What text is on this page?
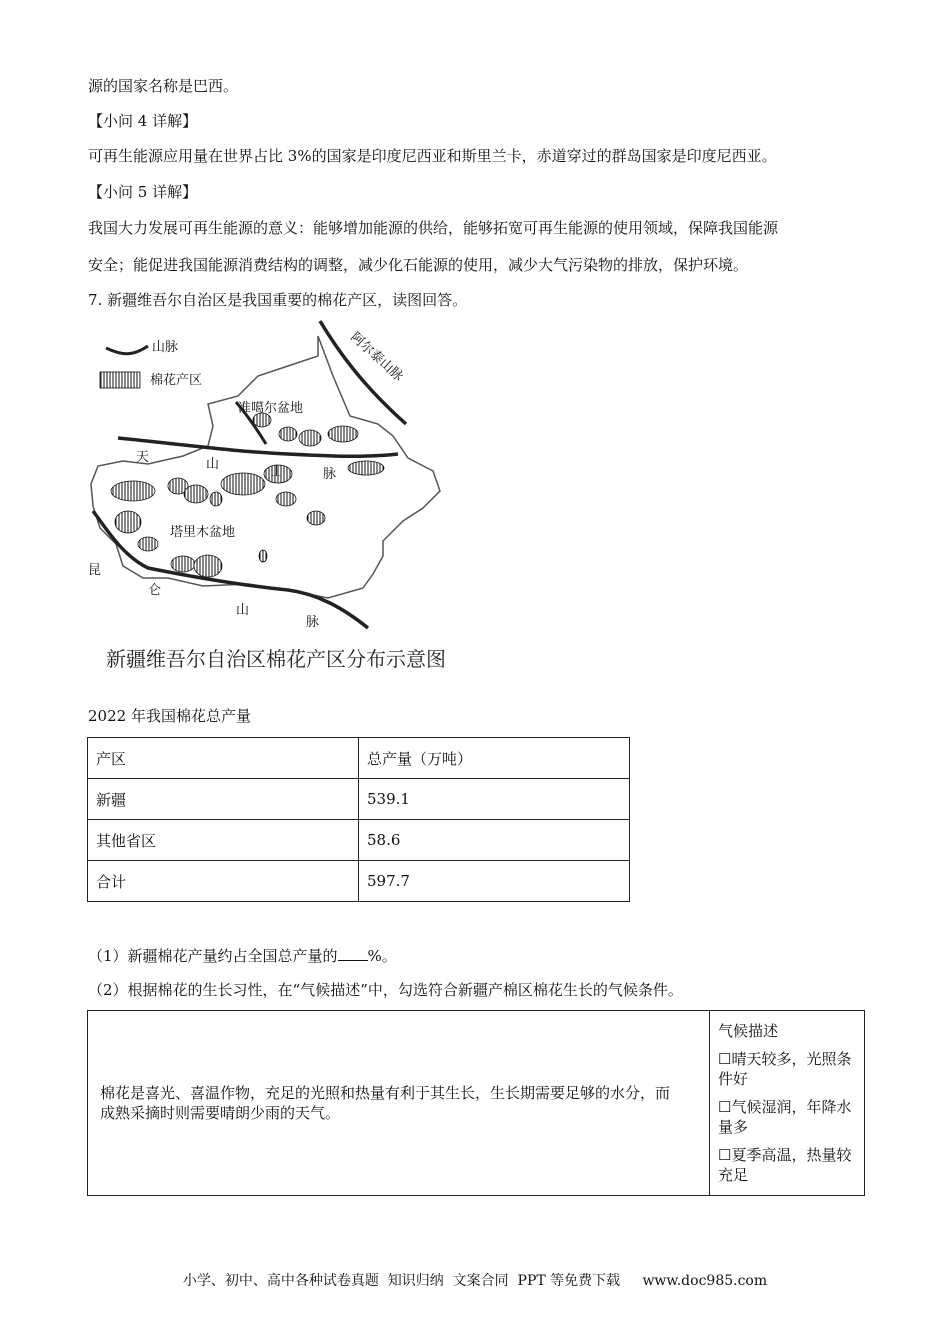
源的国家名称是巴西。
【小问 4 详解】
可再生能源应用量在世界占比 3%的国家是印度尼西亚和斯里兰卡，赤道穿过的群岛国家是印度尼西亚。
【小问 5 详解】
我国大力发展可再生能源的意义：能够增加能源的供给，能够拓宽可再生能源的使用领域，保障我国能源
安全；能促进我国能源消费结构的调整，减少化石能源的使用，减少大气污染物的排放，保护环境。
7. 新疆维吾尔自治区是我国重要的棉花产区，读图回答。
山脉
棉花产区	阿尔泰山脉
准噶尔盆地
塔里木盆地
天	山
山	脉
昆
仑
山
脉
新疆维吾尔自治区棉花产区分布示意图
2022 年我国棉花总产量
产区	总产量（万吨）
新疆	539.1
其他省区	58.6
合计	597.7
（1）新疆棉花产量约占全国总产量的 %。
（2）根据棉花的生长习性，在“气候描述”中，勾选符合新疆产棉区棉花生长的气候条件。
棉花是喜光、喜温作物，充足的光照和热量有利于其生长，生长期需要足够的水分，而成熟采摘时则需要晴朗少雨的天气。	
气候描述
☐晴天较多，光照条件好
☐气候湿润，年降水量多
☐夏季高温，热量较充足
小学、初中、高中各种试卷真题  知识归纳  文案合同  PPT 等免费下载     www.doc985.com
